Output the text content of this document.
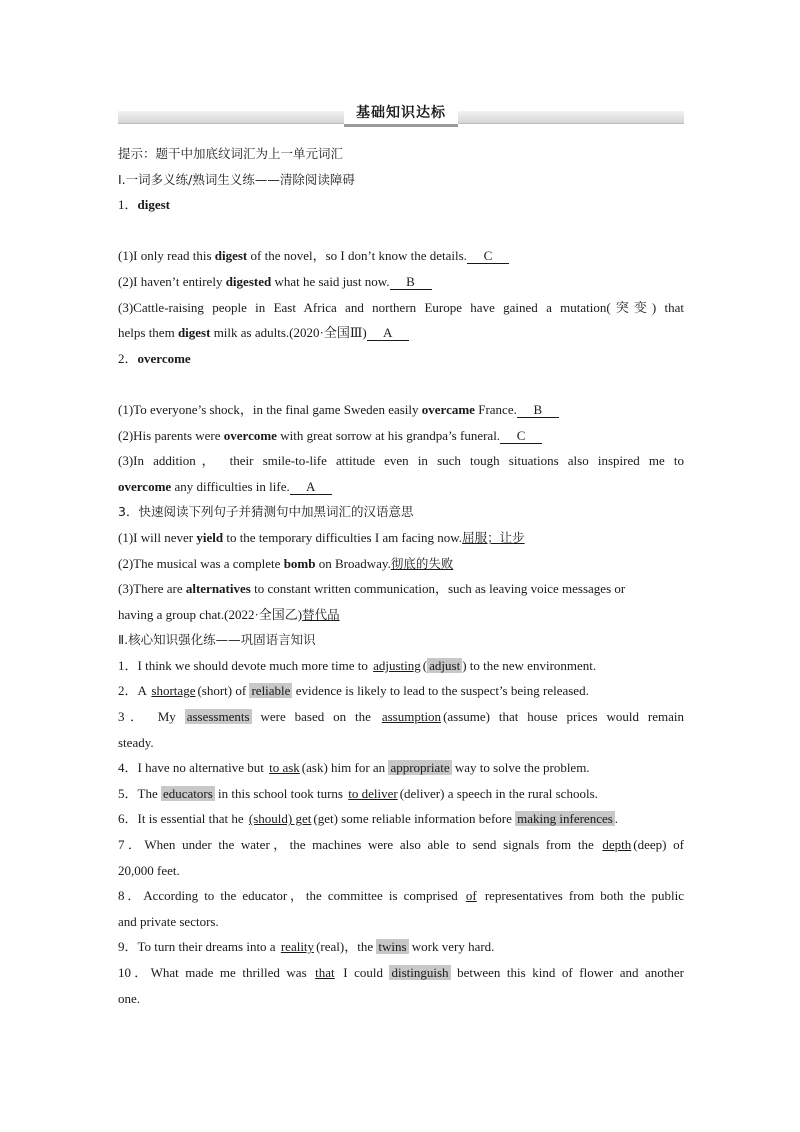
基础知识达标
提示：题干中加底纹词汇为上一单元词汇
Ⅰ.一词多义练/熟词生义练——清除阅读障碍
1．digest
(1)I only read this digest of the novel，so I don’t know the details. C
(2)I haven’t entirely digested what he said just now. B
(3)Cattle-raising people in East Africa and northern Europe have gained a mutation(突变) that
helps them digest milk as adults.(2020·全国Ⅲ) A
2．overcome
(1)To everyone’s shock，in the final game Sweden easily overcame France. B
(2)His parents were overcome with great sorrow at his grandpa’s funeral. C
(3)In addition， their smile-to-life attitude even in such tough situations also inspired me to
overcome any difficulties in life. A
3．快速阅读下列句子并猜测句中加黑词汇的汉语意思
(1)I will never yield to the temporary difficulties I am facing now.屈服；让步
(2)The musical was a complete bomb on Broadway.彻底的失败
(3)There are alternatives to constant written communication，such as leaving voice messages or
having a group chat.(2022·全国乙)替代品
Ⅱ.核心知识强化练——巩固语言知识
1．I think we should devote much more time to adjusting ( adjust ) to the new environment.
2．A shortage (short) of reliable evidence is likely to lead to the suspect’s being released.
3． My assessments were based on the assumption (assume) that house prices would remain
steady.
4．I have no alternative but to ask (ask) him for an appropriate way to solve the problem.
5．The educators in this school took turns to deliver (deliver) a speech in the rural schools.
6．It is essential that he (should) get (get) some reliable information before making inferences .
7．When under the water，the machines were also able to send signals from the depth (deep) of
20,000 feet.
8．According to the educator，the committee is comprised of representatives from both the public
and private sectors.
9．To turn their dreams into a reality (real)，the twins work very hard.
10．What made me thrilled was that I could distinguish between this kind of flower and another
one.
